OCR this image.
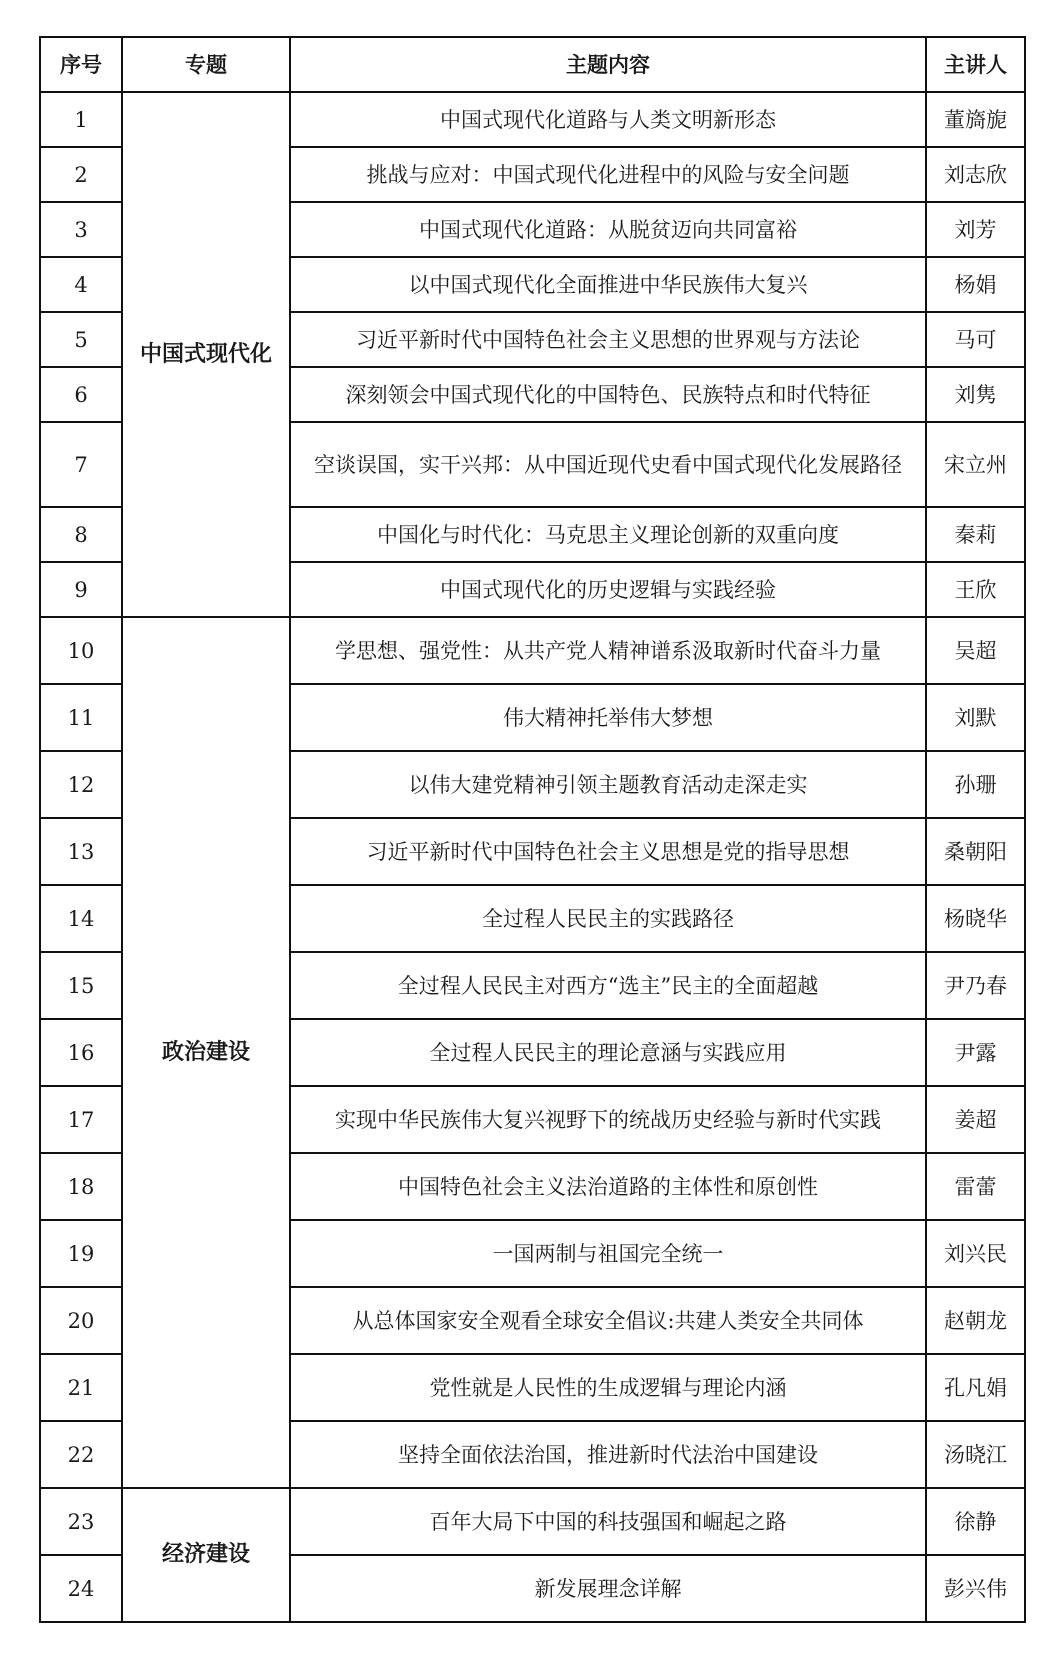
序号	专题	主题内容	主讲人
1	中国式现代化	中国式现代化道路与人类文明新形态	董旖旎
2		挑战与应对：中国式现代化进程中的风险与安全问题	刘志欣
3		中国式现代化道路：从脱贫迈向共同富裕	刘芳
4		以中国式现代化全面推进中华民族伟大复兴	杨娟
5		习近平新时代中国特色社会主义思想的世界观与方法论	马可
6		深刻领会中国式现代化的中国特色、民族特点和时代特征	刘隽
7		空谈误国，实干兴邦：从中国近现代史看中国式现代化发展路径	宋立州
8		中国化与时代化：马克思主义理论创新的双重向度	秦莉
9		中国式现代化的历史逻辑与实践经验	王欣
10	政治建设	学思想、强党性：从共产党人精神谱系汲取新时代奋斗力量	吴超
11		伟大精神托举伟大梦想	刘默
12		以伟大建党精神引领主题教育活动走深走实	孙珊
13		习近平新时代中国特色社会主义思想是党的指导思想	桑朝阳
14		全过程人民民主的实践路径	杨晓华
15		全过程人民民主对西方“选主”民主的全面超越	尹乃春
16		全过程人民民主的理论意涵与实践应用	尹露
17		实现中华民族伟大复兴视野下的统战历史经验与新时代实践	姜超
18		中国特色社会主义法治道路的主体性和原创性	雷蕾
19		一国两制与祖国完全统一	刘兴民
20		从总体国家安全观看全球安全倡议:共建人类安全共同体	赵朝龙
21		党性就是人民性的生成逻辑与理论内涵	孔凡娟
22		坚持全面依法治国，推进新时代法治中国建设	汤晓江
23	经济建设	百年大局下中国的科技强国和崛起之路	徐静
24		新发展理念详解	彭兴伟
